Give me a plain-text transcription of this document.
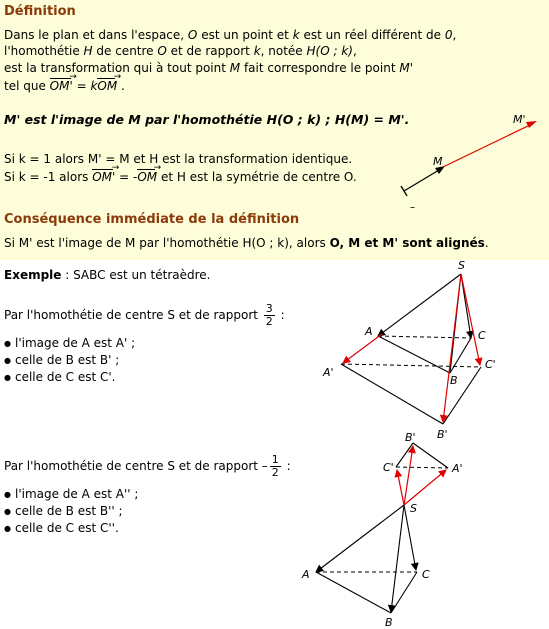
Définition
Dans le plan et dans l'espace, O est un point et k est un réel différent de 0,
l'homothétie H de centre O et de rapport k, notée H(O ; k),
est la transformation qui à tout point M fait correspondre le point M'
tel que OM' → = kOM → .
M' est l'image de M par l'homothétie H(O ; k) ; H(M) = M'.
Si k = 1 alors M' = M et H est la transformation identique.
Si k = -1 alors OM' → = -OM → et H est la symétrie de centre O.
M
M'
Conséquence immédiate de la définition
Si M' est l'image de M par l'homothétie H(O ; k), alors O, M et M' sont alignés.
Exemple : SABC est un tétraèdre.
Par l'homothétie de centre S et de rapport $\frac{3}{2}$ :
● l'image de A est A' ;
● celle de B est B' ;
● celle de C est C'.
Par l'homothétie de centre S et de rapport – $\frac{1}{2}$ :
● l'image de A est A'' ;
● celle de B est B'' ;
● celle de C est C''.
S
A	C
B
A'
C'
B'
B'
C'	A'
S
A	C
B
